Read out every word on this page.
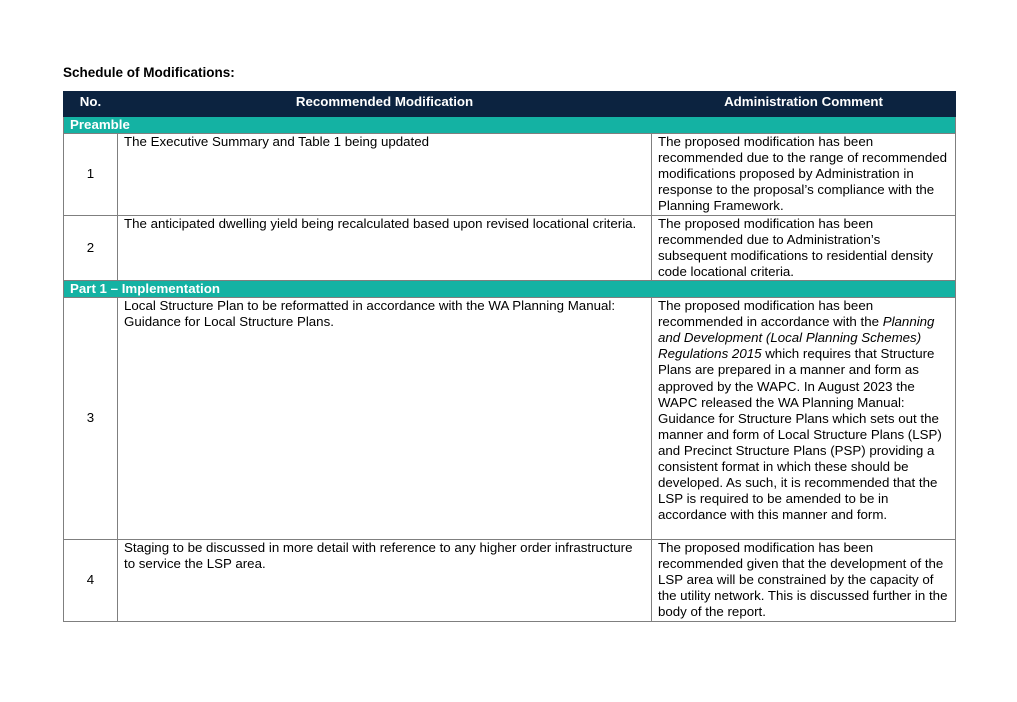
Schedule of Modifications:
No.	Recommended Modification	Administration Comment
Preamble		
1	The Executive Summary and Table 1 being updated	The proposed modification has been recommended due to the range of recommended modifications proposed by Administration in response to the proposal’s compliance with the Planning Framework.
2	The anticipated dwelling yield being recalculated based upon revised locational criteria.	The proposed modification has been recommended due to Administration’s subsequent modifications to residential density code locational criteria.
Part 1 – Implementation		
3	Local Structure Plan to be reformatted in accordance with the WA Planning Manual: Guidance for Local Structure Plans.	The proposed modification has been recommended in accordance with the Planning and Development (Local Planning Schemes) Regulations 2015 which requires that Structure Plans are prepared in a manner and form as approved by the WAPC. In August 2023 the WAPC released the WA Planning Manual: Guidance for Structure Plans which sets out the manner and form of Local Structure Plans (LSP) and Precinct Structure Plans (PSP) providing a consistent format in which these should be developed. As such, it is recommended that the LSP is required to be amended to be in accordance with this manner and form.
4	Staging to be discussed in more detail with reference to any higher order infrastructure to service the LSP area.	The proposed modification has been recommended given that the development of the LSP area will be constrained by the capacity of the utility network. This is discussed further in the body of the report.
